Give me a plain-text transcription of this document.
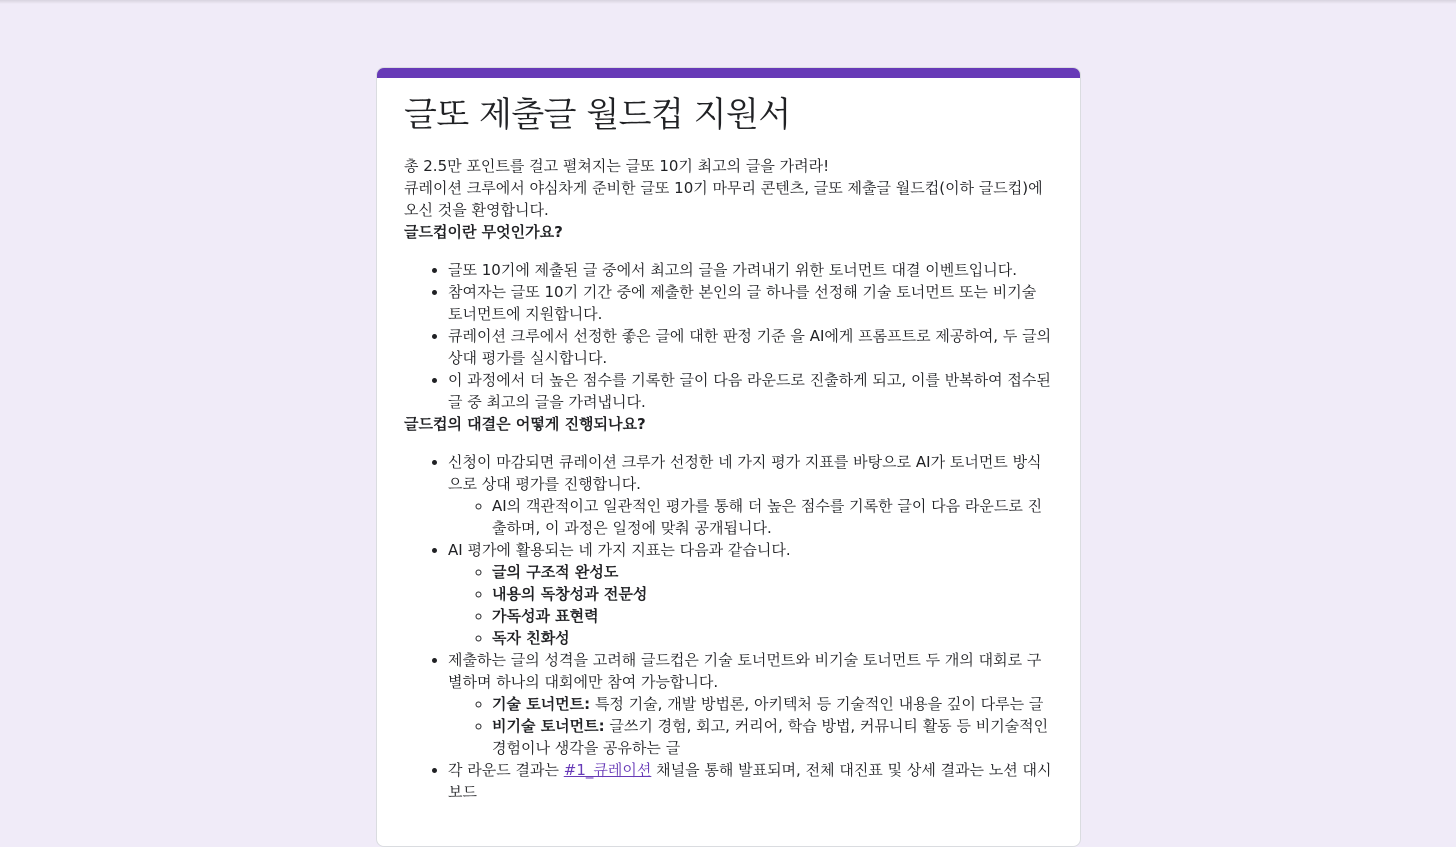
글또 제출글 월드컵 지원서

총 2.5만 포인트를 걸고 펼쳐지는 글또 10기 최고의 글을 가려라!

큐레이션 크루에서 야심차게 준비한 글또 10기 마무리 콘텐츠, 글또 제출글 월드컵(이하 글드컵)에 오신 것을 환영합니다.

글드컵이란 무엇인가요?

• 글또 10기에 제출된 글 중에서 최고의 글을 가려내기 위한 토너먼트 대결 이벤트입니다.
• 참여자는 글또 10기 기간 중에 제출한 본인의 글 하나를 선정해 기술 토너먼트 또는 비기술 토너먼트에 지원합니다.
• 큐레이션 크루에서 선정한 좋은 글에 대한 판정 기준 을 AI에게 프롬프트로 제공하여, 두 글의 상대 평가를 실시합니다.
• 이 과정에서 더 높은 점수를 기록한 글이 다음 라운드로 진출하게 되고, 이를 반복하여 접수된 글 중 최고의 글을 가려냅니다.

글드컵의 대결은 어떻게 진행되나요?

• 신청이 마감되면 큐레이션 크루가 선정한 네 가지 평가 지표를 바탕으로 AI가 토너먼트 방식으로 상대 평가를 진행합니다.
◦ AI의 객관적이고 일관적인 평가를 통해 더 높은 점수를 기록한 글이 다음 라운드로 진출하며, 이 과정은 일정에 맞춰 공개됩니다.
• AI 평가에 활용되는 네 가지 지표는 다음과 같습니다.
◦ 글의 구조적 완성도
◦ 내용의 독창성과 전문성
◦ 가독성과 표현력
◦ 독자 친화성
• 제출하는 글의 성격을 고려해 글드컵은 기술 토너먼트와 비기술 토너먼트 두 개의 대회로 구별하며 하나의 대회에만 참여 가능합니다.
◦ 기술 토너먼트: 특정 기술, 개발 방법론, 아키텍처 등 기술적인 내용을 깊이 다루는 글
◦ 비기술 토너먼트: 글쓰기 경험, 회고, 커리어, 학습 방법, 커뮤니티 활동 등 비기술적인 경험이나 생각을 공유하는 글
• 각 라운드 결과는 #1_큐레이션 채널을 통해 발표되며, 전체 대진표 및 상세 결과는 노션 대시보드
